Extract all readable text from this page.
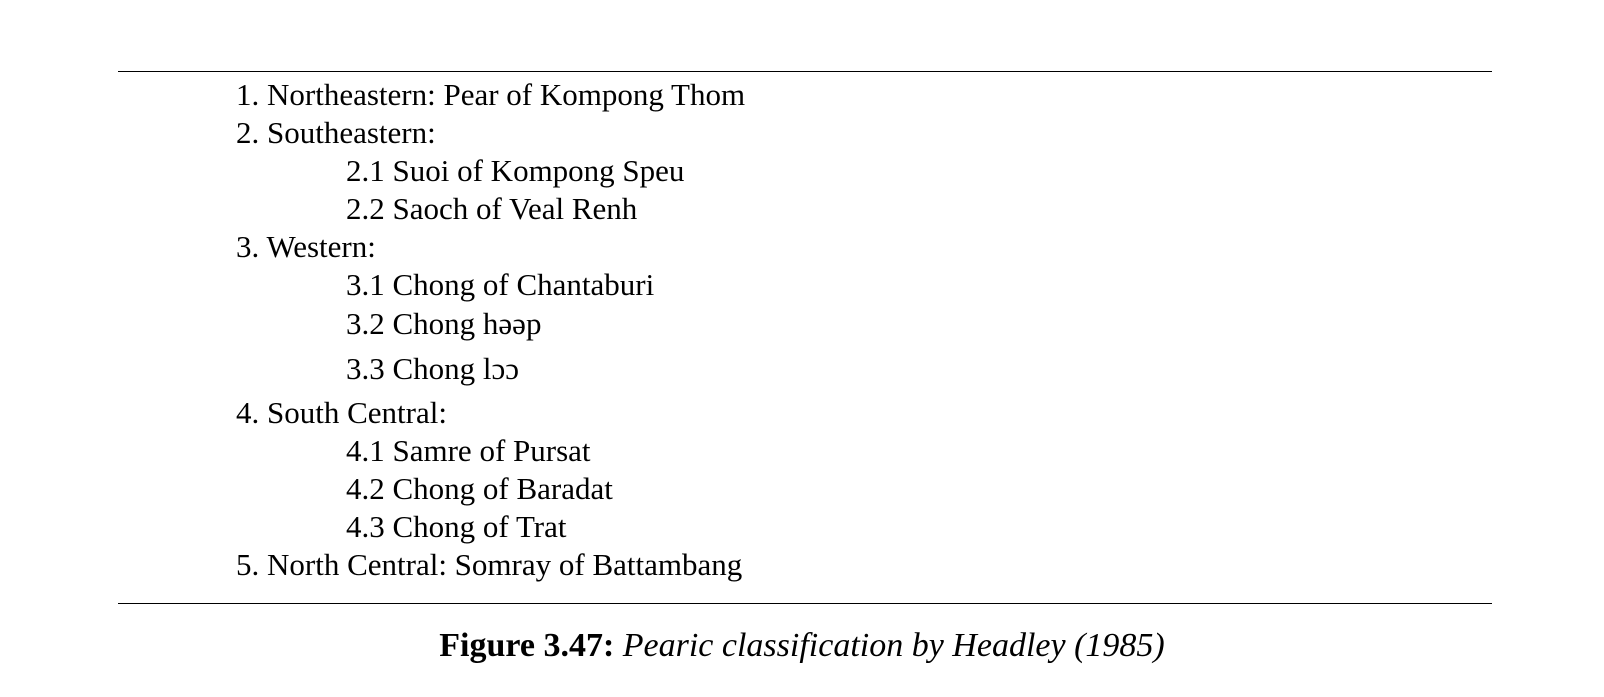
1. Northeastern: Pear of Kompong Thom
2. Southeastern:
2.1 Suoi of Kompong Speu
2.2 Saoch of Veal Renh
3. Western:
3.1 Chong of Chantaburi
3.2 Chong həəp
3.3 Chong lɔɔ
4. South Central:
4.1 Samre of Pursat
4.2 Chong of Baradat
4.3 Chong of Trat
5. North Central: Somray of Battambang
Figure 3.47: Pearic classification by Headley (1985)
